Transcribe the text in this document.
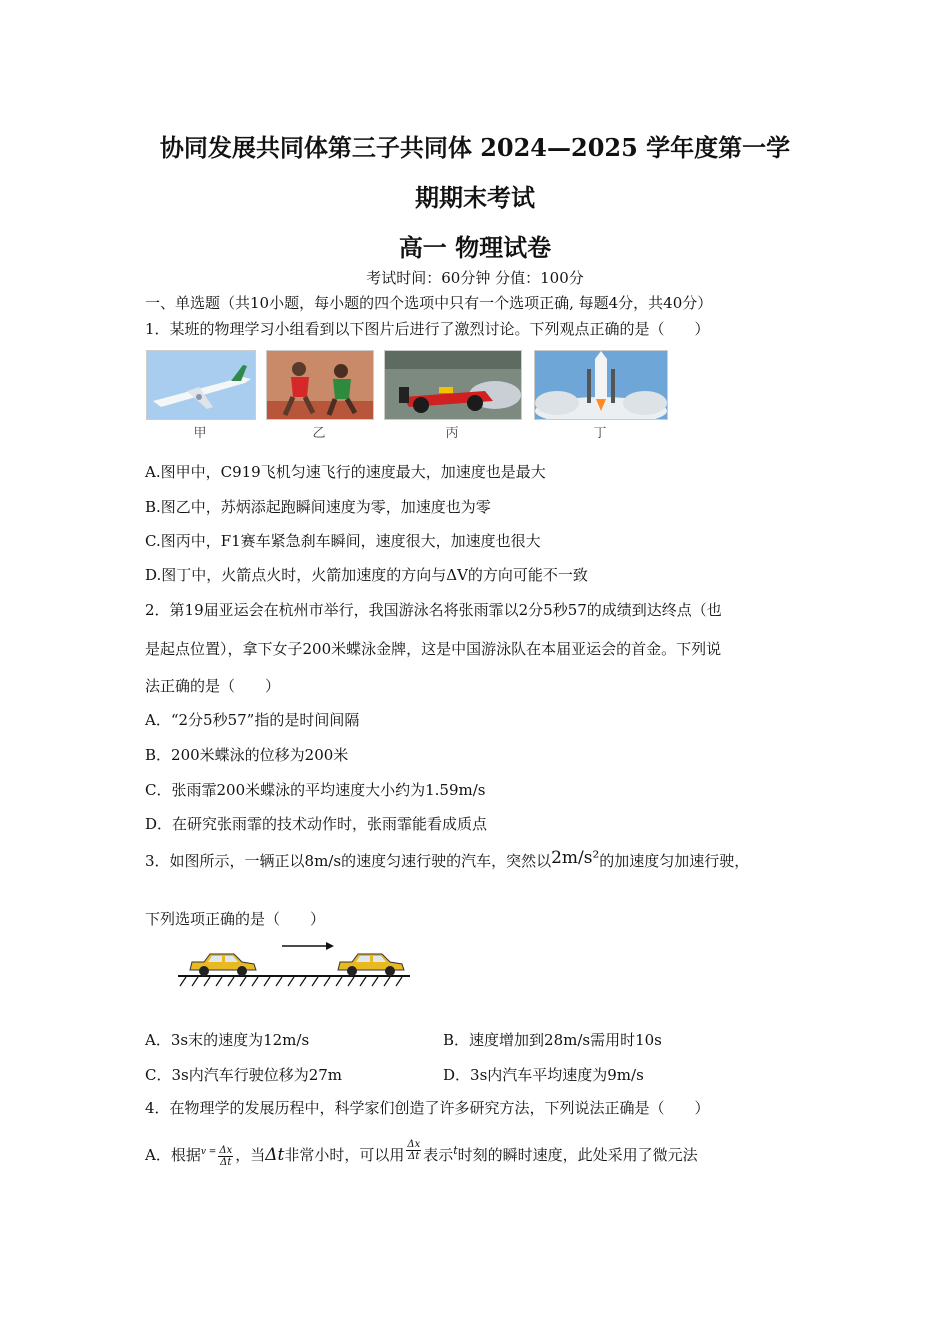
协同发展共同体第三子共同体 2024—2025 学年度第一学
期期末考试
高一 物理试卷
考试时间：60分钟 分值：100分
一、单选题（共10小题，每小题的四个选项中只有一个选项正确, 每题4分，共40分）
1．某班的物理学习小组看到以下图片后进行了激烈讨论。下列观点正确的是（　　）
甲	乙	丙	丁
A.图甲中，C919飞机匀速飞行的速度最大，加速度也是最大
B.图乙中，苏炳添起跑瞬间速度为零，加速度也为零
C.图丙中，F1赛车紧急刹车瞬间，速度很大，加速度也很大
D.图丁中，火箭点火时，火箭加速度的方向与ΔV的方向可能不一致
2．第19届亚运会在杭州市举行，我国游泳名将张雨霏以2分5秒57的成绩到达终点（也
是起点位置），拿下女子200米蝶泳金牌，这是中国游泳队在本届亚运会的首金。下列说
法正确的是（　　）
A．“2分5秒57”指的是时间间隔
B．200米蝶泳的位移为200米
C．张雨霏200米蝶泳的平均速度大小约为1.59m/s
D．在研究张雨霏的技术动作时，张雨霏能看成质点
3．如图所示，一辆正以8m/s的速度匀速行驶的汽车，突然以2m/s²的加速度匀加速行驶，
下列选项正确的是（　　）
A．3s末的速度为12m/s	B．速度增加到28m/s需用时10s
C．3s内汽车行驶位移为27m	D．3s内汽车平均速度为9m/s
4．在物理学的发展历程中，科学家们创造了许多研究方法，下列说法正确是（　　）
A．根据$^{v =} \frac{\Delta x}{\Delta t}$ ，当Δt非常小时，可以用 $\frac{\Delta x}{\Delta t}$ 表示$^t$时刻的瞬时速度，此处采用了微元法
